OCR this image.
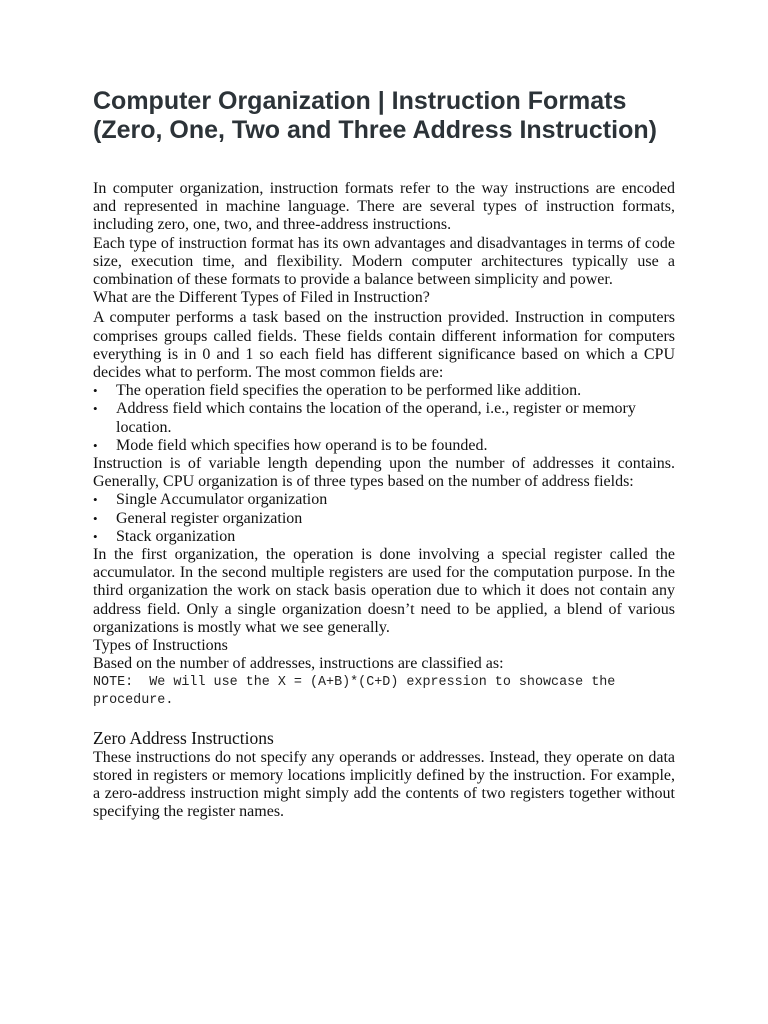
Computer Organization | Instruction Formats (Zero, One, Two and Three Address Instruction)

In computer organization, instruction formats refer to the way instructions are encoded and represented in machine language. There are several types of instruction formats, including zero, one, two, and three-address instructions.

Each type of instruction format has its own advantages and disadvantages in terms of code size, execution time, and flexibility. Modern computer architectures typically use a combination of these formats to provide a balance between simplicity and power.

What are the Different Types of Filed in Instruction?

A computer performs a task based on the instruction provided. Instruction in computers comprises groups called fields. These fields contain different information for computers everything is in 0 and 1 so each field has different significance based on which a CPU decides what to perform. The most common fields are:

• The operation field specifies the operation to be performed like addition.
• Address field which contains the location of the operand, i.e., register or memory location.
• Mode field which specifies how operand is to be founded.

Instruction is of variable length depending upon the number of addresses it contains. Generally, CPU organization is of three types based on the number of address fields:

• Single Accumulator organization
• General register organization
• Stack organization

In the first organization, the operation is done involving a special register called the accumulator. In the second multiple registers are used for the computation purpose. In the third organization the work on stack basis operation due to which it does not contain any address field. Only a single organization doesn’t need to be applied, a blend of various organizations is mostly what we see generally.

Types of Instructions

Based on the number of addresses, instructions are classified as:

NOTE:  We will use the X = (A+B)*(C+D) expression to showcase the procedure.

Zero Address Instructions

These instructions do not specify any operands or addresses. Instead, they operate on data stored in registers or memory locations implicitly defined by the instruction. For example, a zero-address instruction might simply add the contents of two registers together without specifying the register names.
